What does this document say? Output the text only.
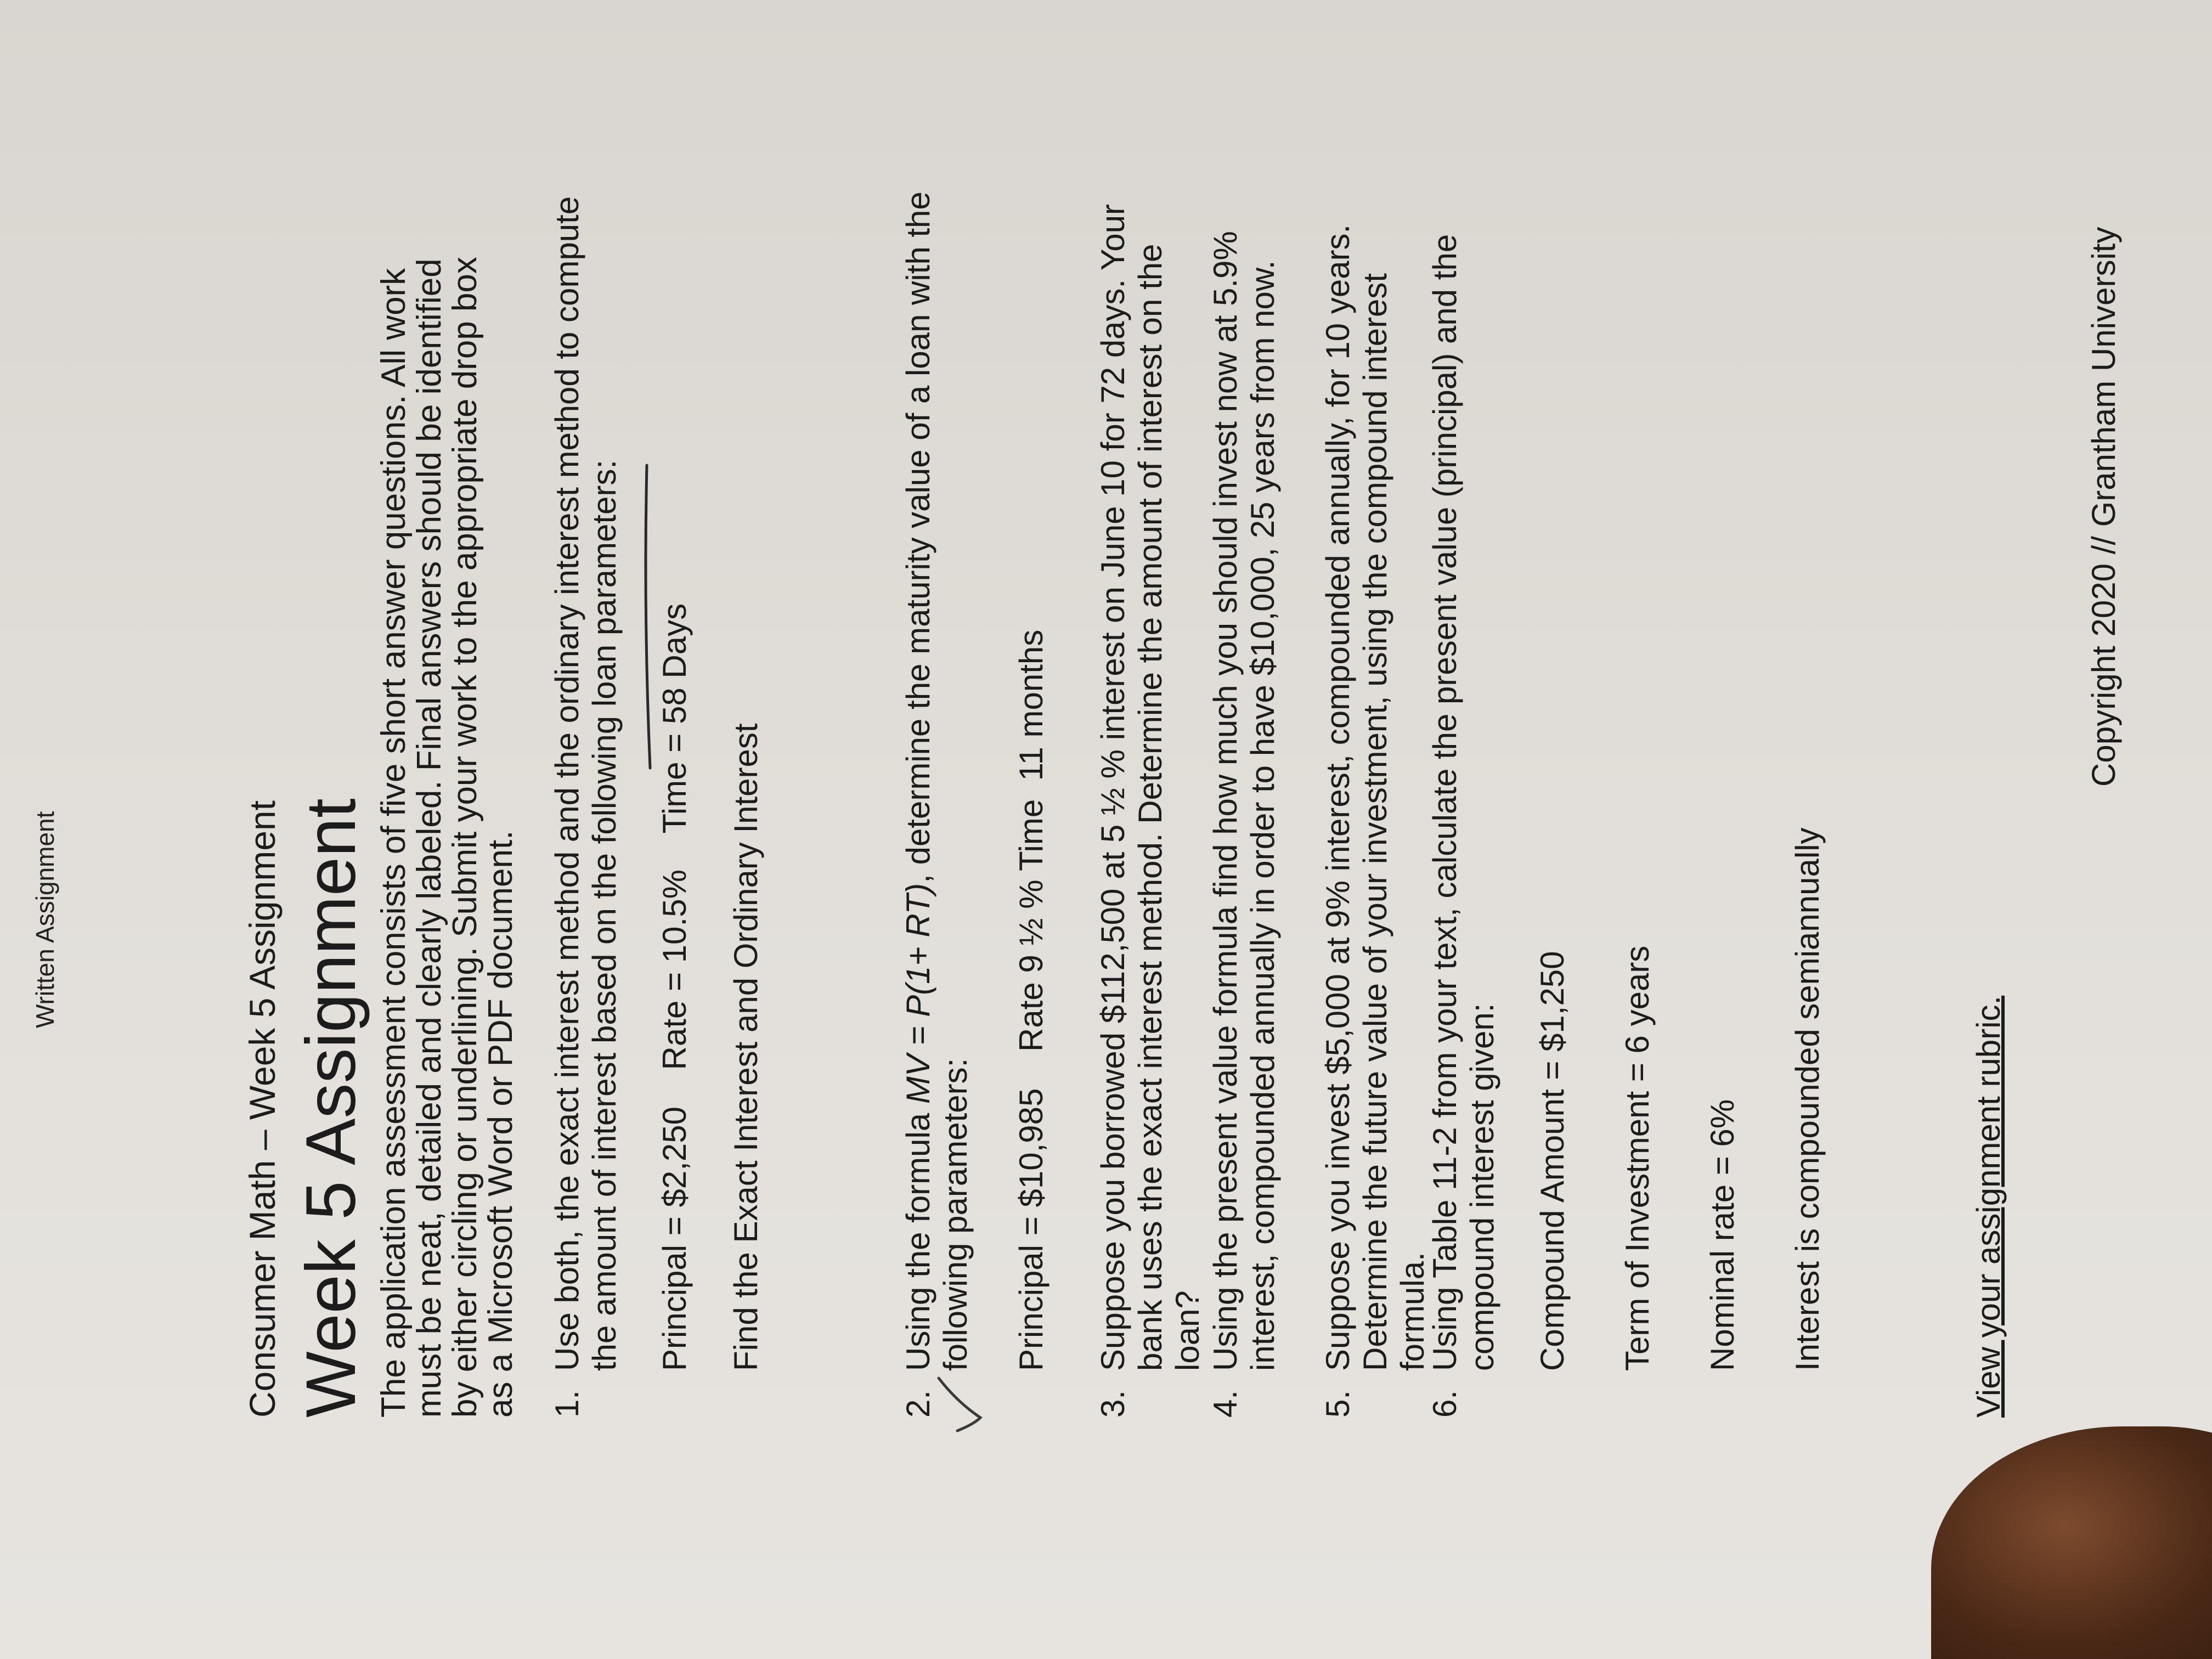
Written Assignment	Consumer Math – Week 5 Assignment Week 5 Assignment The application assessment consists of five short answer questions. All work must be neat, detailed and clearly labeled. Final answers should be identified by either circling or underlining. Submit your work to the appropriate drop box as a Microsoft Word or PDF document. 1.
Use both, the exact interest method and the ordinary interest method to compute the amount of interest based on the following loan parameters: Principal = $2,250    Rate = 10.5%    Time = 58 Days Find the Exact Interest and Ordinary Interest
2.
Using the formula MV = P(1+ RT), determine the maturity value of a loan with the following parameters: Principal = $10,985    Rate 9 ½ % Time  11 months
3.
Suppose you borrowed $112,500 at 5 ½ % interest on June 10 for 72 days. Your bank uses the exact interest method. Determine the amount of interest on the loan?
4.
Using the present value formula find how much you should invest now at 5.9% interest, compounded annually in order to have $10,000, 25 years from now.
5.
Suppose you invest $5,000 at 9% interest, compounded annually, for 10 years. Determine the future value of your investment, using the compound interest formula.
6.
Using Table 11-2 from your text, calculate the present value (principal) and the compound interest given: Compound Amount = $1,250 Term of Investment = 6 years Nominal rate = 6% Interest is compounded semiannually	View your assignment rubric.
Copyright 2020 // Grantham University
